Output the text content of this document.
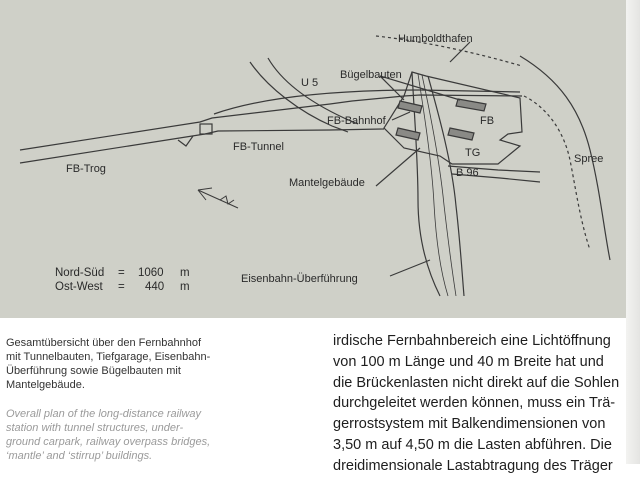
Humboldthafen
Bügelbauten
U 5
FB-Bahnhof	FB
FB-Tunnel	TG	Spree
FB-Trog	B 96
Mantelgebäude
Eisenbahn-Überführung
Nord-Süd = 1060 m
Ost-West = 440 m
Gesamtübersicht über den Fernbahnhof
mit Tunnelbauten, Tiefgarage, Eisenbahn-
Überführung sowie Bügelbauten mit
Mantelgebäude.
Overall plan of the long-distance railway
station with tunnel structures, under-
ground carpark, railway overpass bridges,
‘mantle’ and ‘stirrup’ buildings.
irdische Fernbahnbereich eine Lichtöffnung
von 100 m Länge und 40 m Breite hat und
die Brückenlasten nicht direkt auf die Sohlen
durchgeleitet werden können, muss ein Trä-
gerrostsystem mit Balkendimensionen von
3,50 m auf 4,50 m die Lasten abführen. Die
dreidimensionale Lastabtragung des Träger
